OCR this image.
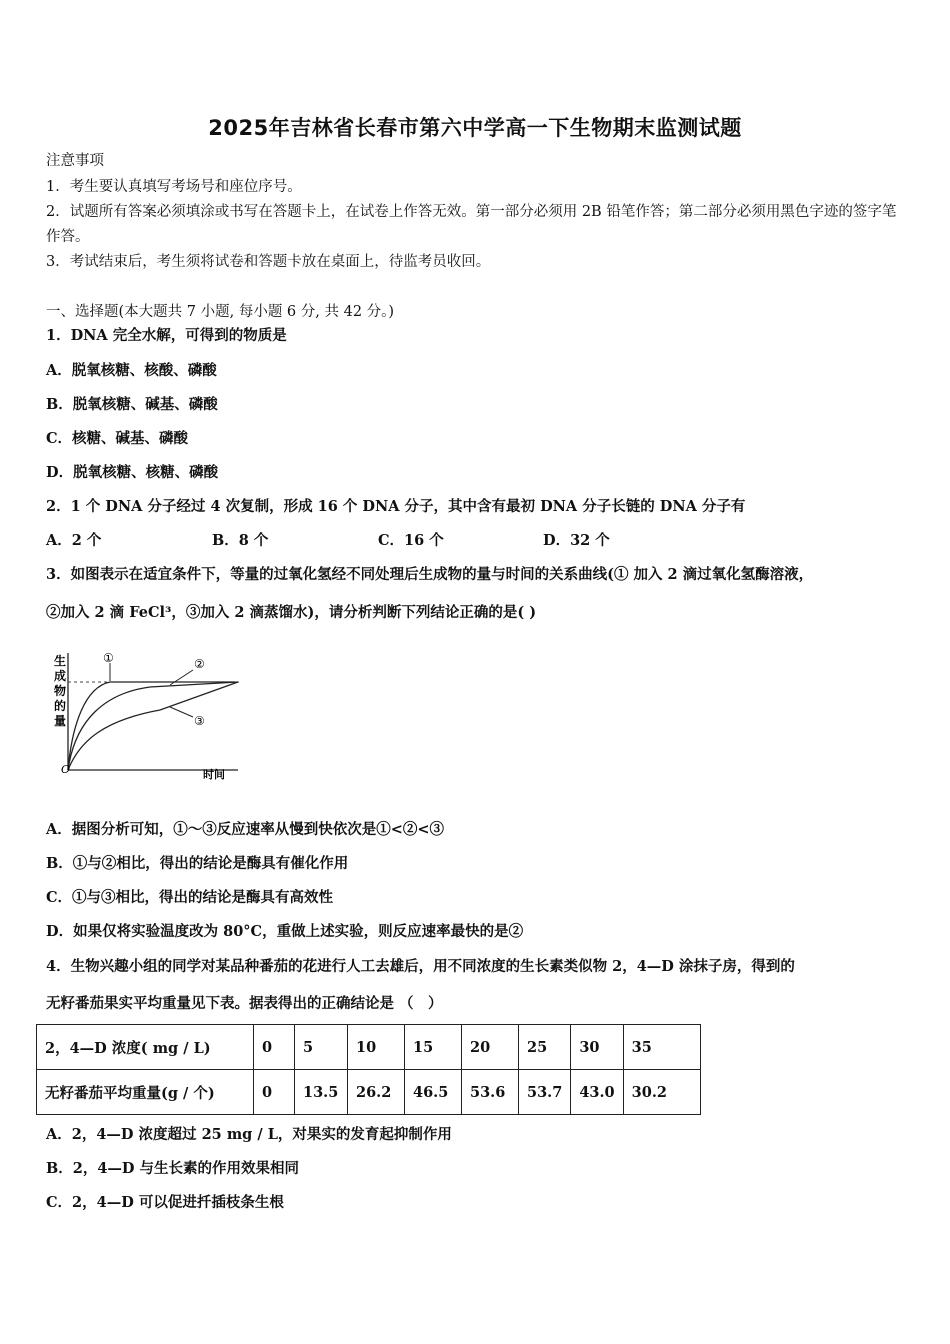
2025年吉林省长春市第六中学高一下生物期末监测试题
注意事项
1．考生要认真填写考场号和座位序号。
2．试题所有答案必须填涂或书写在答题卡上，在试卷上作答无效。第一部分必须用 2B 铅笔作答；第二部分必须用黑色字迹的签字笔作答。
3．考试结束后，考生须将试卷和答题卡放在桌面上，待监考员收回。
一、选择题(本大题共 7 小题, 每小题 6 分, 共 42 分。)
1．DNA 完全水解，可得到的物质是
A．脱氧核糖、核酸、磷酸
B．脱氧核糖、碱基、磷酸
C．核糖、碱基、磷酸
D．脱氧核糖、核糖、磷酸
2．1 个 DNA 分子经过 4 次复制，形成 16 个 DNA 分子，其中含有最初 DNA 分子长链的 DNA 分子有
A．2 个	B．8 个	C．16 个	D．32 个
3．如图表示在适宜条件下，等量的过氧化氢经不同处理后生成物的量与时间的关系曲线(① 加入 2 滴过氧化氢酶溶液，
②加入 2 滴 FeCl³，③加入 2 滴蒸馏水)，请分析判断下列结论正确的是( )
生
成
物
的
量
O	时间
①	②
③
A．据图分析可知，①～③反应速率从慢到快依次是①<②<③
B．①与②相比，得出的结论是酶具有催化作用
C．①与③相比，得出的结论是酶具有高效性
D．如果仅将实验温度改为 80°C，重做上述实验，则反应速率最快的是②
4．生物兴趣小组的同学对某品种番茄的花进行人工去雄后，用不同浓度的生长素类似物 2，4—D 涂抹子房，得到的
无籽番茄果实平均重量见下表。据表得出的正确结论是 （　）
2，4—D 浓度( mg / L)	0	5	10	15	20	25	30	35
无籽番茄平均重量(g / 个)	0	13.5	26.2	46.5	53.6	53.7	43.0	30.2
A．2，4—D 浓度超过 25 mg / L，对果实的发育起抑制作用
B．2，4—D 与生长素的作用效果相同
C．2，4—D 可以促进扦插枝条生根
